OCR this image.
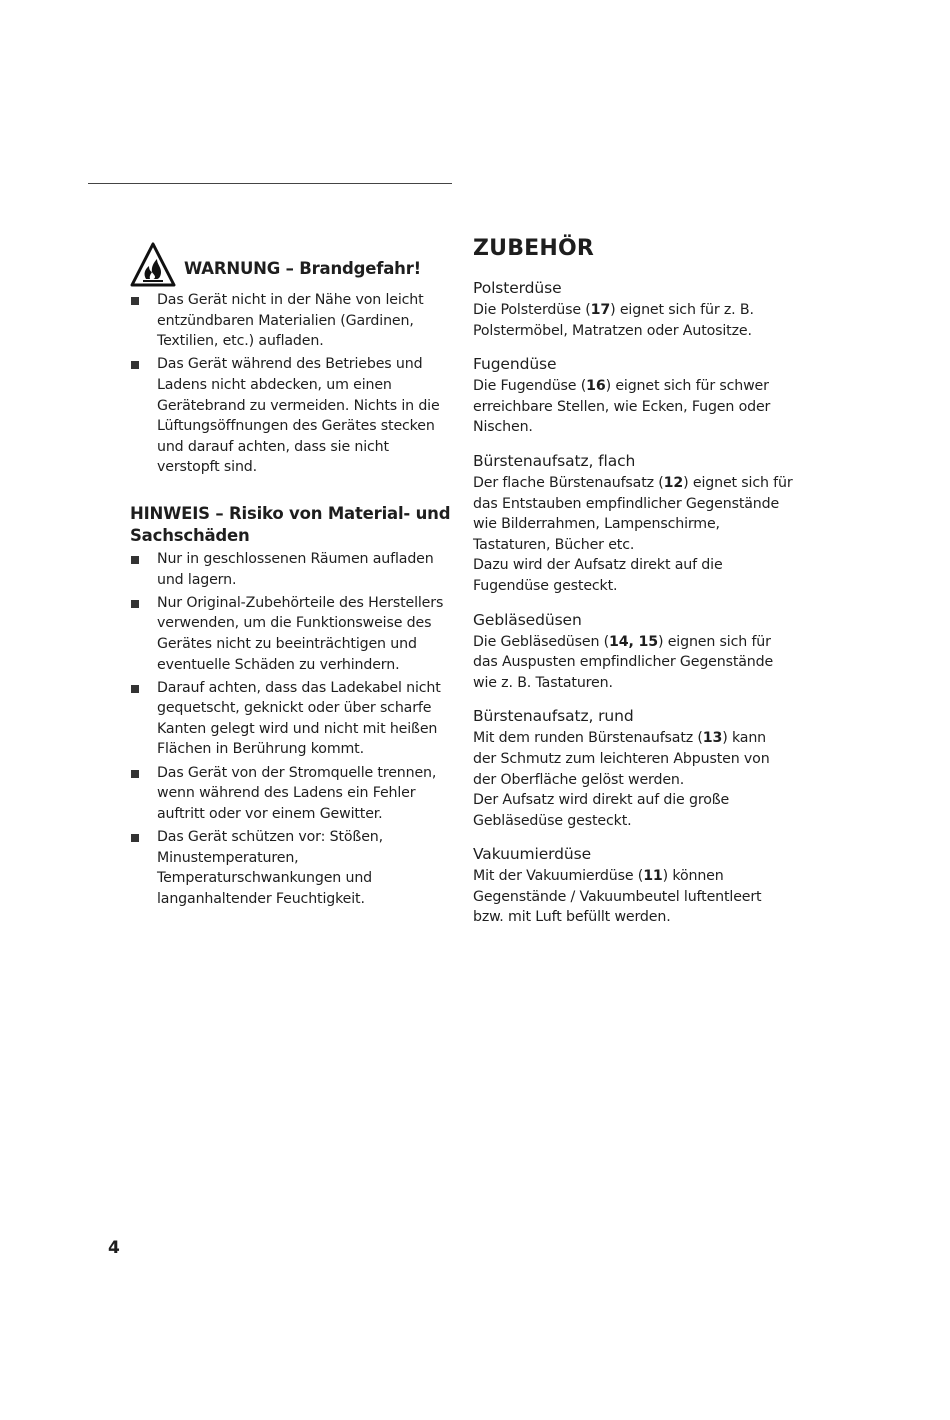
WARNUNG – Brandgefahr!
Das Gerät nicht in der Nähe von leicht entzündbaren Materialien (Gardinen, Textilien, etc.) aufladen.
Das Gerät während des Betriebes und Ladens nicht abdecken, um einen Gerätebrand zu vermeiden. Nichts in die Lüftungsöffnungen des Gerätes stecken und darauf achten, dass sie nicht verstopft sind.
HINWEIS – Risiko von Material- und Sachschäden
Nur in geschlossenen Räumen aufladen und lagern.
Nur Original-Zubehörteile des Herstellers verwenden, um die Funktionsweise des Gerätes nicht zu beeinträchtigen und eventuelle Schäden zu verhindern.
Darauf achten, dass das Ladekabel nicht gequetscht, geknickt oder über scharfe Kanten gelegt wird und nicht mit heißen Flächen in Berührung kommt.
Das Gerät von der Stromquelle trennen, wenn während des Ladens ein Fehler auftritt oder vor einem Gewitter.
Das Gerät schützen vor: Stößen, Minustemperaturen, Temperaturschwankungen und langanhaltender Feuchtigkeit.
ZUBEHÖR
Polsterdüse
Die Polsterdüse (17) eignet sich für z. B. Polstermöbel, Matratzen oder Autositze.
Fugendüse
Die Fugendüse (16) eignet sich für schwer erreichbare Stellen, wie Ecken, Fugen oder Nischen.
Bürstenaufsatz, flach
Der flache Bürstenaufsatz (12) eignet sich für das Entstauben empfindlicher Gegenstände wie Bilderrahmen, Lampenschirme, Tastaturen, Bücher etc.
Dazu wird der Aufsatz direkt auf die Fugendüse gesteckt.
Gebläsedüsen
Die Gebläsedüsen (14, 15) eignen sich für das Auspusten empfindlicher Gegenstände wie z. B. Tastaturen.
Bürstenaufsatz, rund
Mit dem runden Bürstenaufsatz (13) kann der Schmutz zum leichteren Abpusten von der Oberfläche gelöst werden.
Der Aufsatz wird direkt auf die große Gebläsedüse gesteckt.
Vakuumierdüse
Mit der Vakuumierdüse (11) können Gegenstände / Vakuumbeutel luftentleert bzw. mit Luft befüllt werden.
4
